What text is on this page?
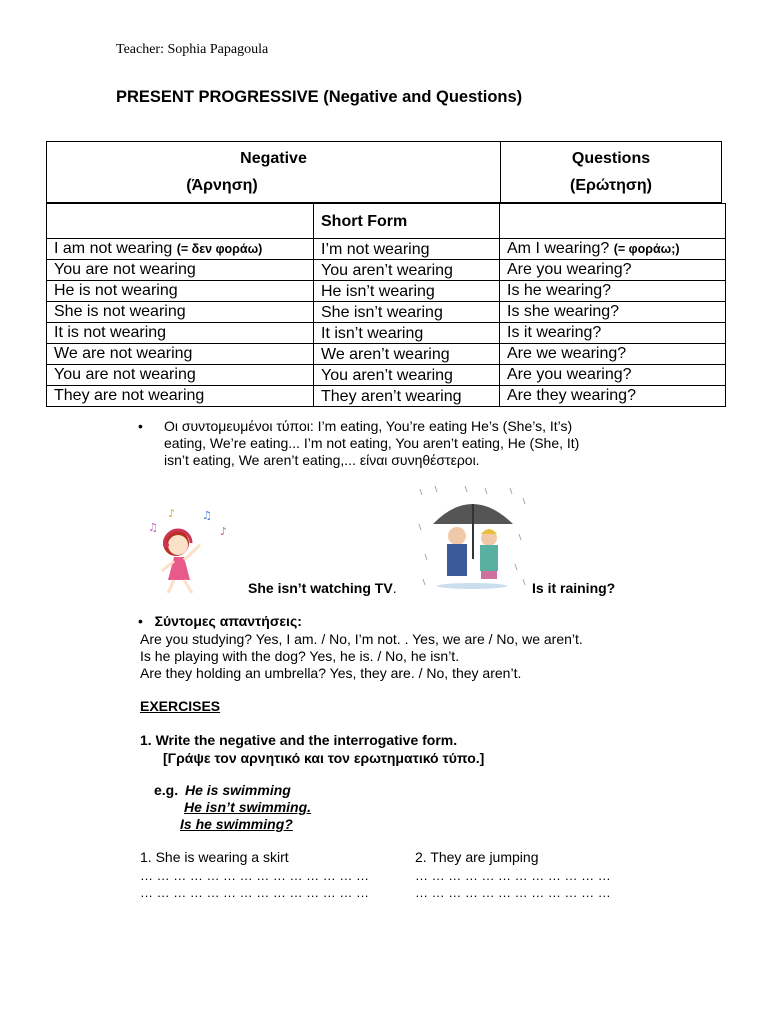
Teacher: Sophia Papagoula
PRESENT PROGRESSIVE (Negative and Questions)
Negative
(Άρνηση)
Questions
(Ερώτηση)
	Short Form	
I am not wearing (= δεν φοράω)	I’m not wearing	Am I wearing? (= φοράω;)
You are not wearing	You aren’t wearing	Are you wearing?
He is not wearing	He isn’t wearing	Is he wearing?
She is not wearing	She isn’t wearing	Is she wearing?
It is not wearing	It isn’t wearing	Is it wearing?
We are not wearing	We aren’t wearing	Are we wearing?
You are not wearing	You aren’t wearing	Are you wearing?
They are not wearing	They aren’t wearing	Are they wearing?
• Οι συντομευμένοι τύποι: I’m eating, You’re eating He’s (She’s, It’s)
eating, We’re eating... I’m not eating, You aren’t eating, He (She, It)
isn’t eating, We aren’t eating,... είναι συνηθέστεροι.
♫
♪ ♫
♪
She isn’t watching TV.	Is it raining?
•   Σύντομες απαντήσεις:
Are you studying? Yes, I am. / No, I’m not. . Yes, we are / No, we aren’t.
Is he playing with the dog? Yes, he is. / No, he isn’t.
Are they holding an umbrella? Yes, they are. / No, they aren’t.
EXERCISES
1. Write the negative and the interrogative form.
[Γράψε τον αρνητικό και τον ερωτηματικό τύπο.]
e.g. He is swimming
He isn’t swimming.
Is he swimming?
1. She is wearing a skirt
… … … … … … … … … … … … … …
… … … … … … … … … … … … … …
2. They are jumping
… … … … … … … … … … … …
… … … … … … … … … … … …
